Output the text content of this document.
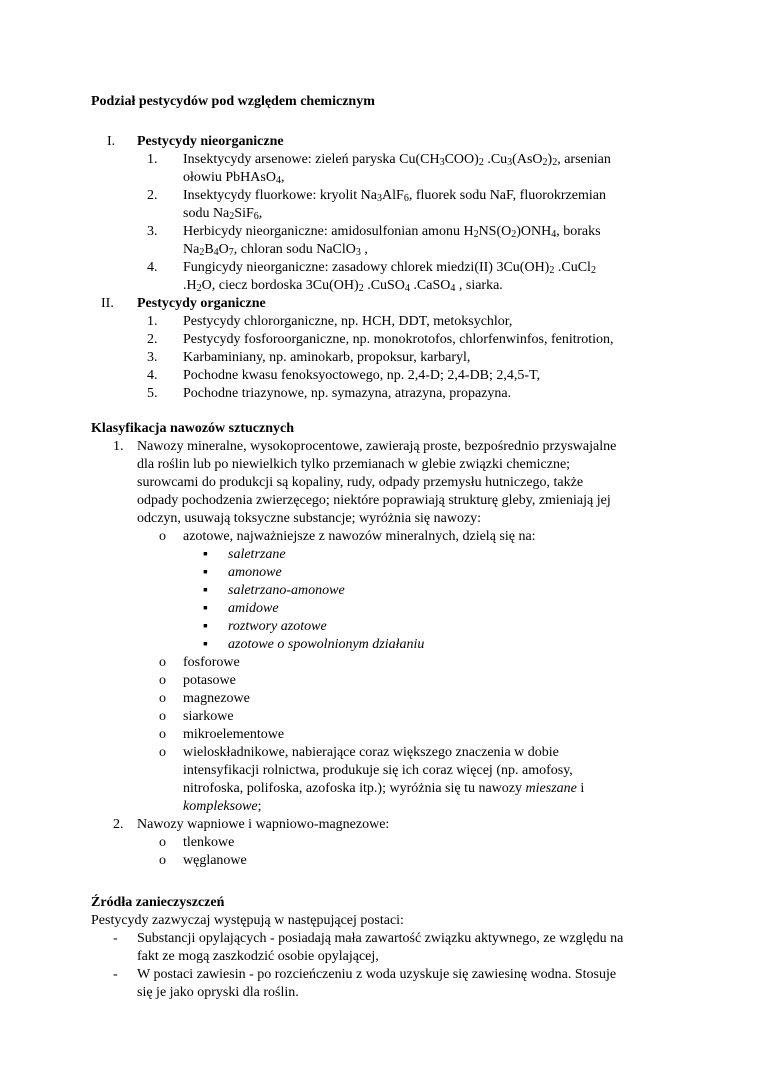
Podział pestycydów pod względem chemicznym

I. Pestycydy nieorganiczne
1. Insektycydy arsenowe: zieleń paryska $Cu(CH_3COO)_2$ $.Cu_3(AsO_2)_2$, arsenian

ołowiu PbHAsO$_4$,

2. Insektycydy fluorkowe: kryolit $Na_3AlF_6$, fluorek sodu NaF, fluorokrzemian

sodu $Na_2SiF_6$,

3. Herbicydy nieorganiczne: amidosulfonian amonu $H_2NS(O_2)ONH_4$, boraks

$Na_2B_4O_7$, chloran sodu NaClO$_3$ ,

4. Fungicydy nieorganiczne: zasadowy chlorek miedzi(II) $3Cu(OH)_2$ .CuCl$_2$

$.H_2O$, ciecz bordoska $3Cu(OH)_2$ .CuSO$_4$ .CaSO$_4$ , siarka.

II. Pestycydy organiczne
1. Pestycydy chlororganiczne, np. HCH, DDT, metoksychlor,

2. Pestycydy fosforoorganiczne, np. monokrotofos, chlorfenwinfos, fenitrotion,

3. Karbaminiany, np. aminokarb, propoksur, karbaryl,

4. Pochodne kwasu fenoksyoctowego, np. 2,4-D; 2,4-DB; 2,4,5-T,

5. Pochodne triazynowe, np. symazyna, atrazyna, propazyna.

Klasyfikacja nawozów sztucznych

1. Nawozy mineralne, wysokoprocentowe, zawierają proste, bezpośrednio przyswajalne

dla roślin lub po niewielkich tylko przemianach w glebie związki chemiczne;

surowcami do produkcji są kopaliny, rudy, odpady przemysłu hutniczego, także

odpady pochodzenia zwierzęcego; niektóre poprawiają strukturę gleby, zmieniają jej

odczyn, usuwają toksyczne substancje; wyróżnia się nawozy:

o azotowe, najważniejsze z nawozów mineralnych, dzielą się na:

▪ saletrzane
▪ amonowe
▪ saletrzano-amonowe
▪ amidowe
▪ roztwory azotowe
▪ azotowe o spowolnionym działaniu
o fosforowe

o potasowe

o magnezowe

o siarkowe

o mikroelementowe

o wieloskładnikowe, nabierające coraz większego znaczenia w dobie

intensyfikacji rolnictwa, produkuje się ich coraz więcej (np. amofosy,

nitrofoska, polifoska, azofoska itp.); wyróżnia się tu nawozy mieszane i

kompleksowe;

2. Nawozy wapniowe i wapniowo-magnezowe:

o tlenkowe

o węglanowe

Źródła zanieczyszczeń

Pestycydy zazwyczaj występują w następującej postaci:

- Substancji opylających - posiadają mała zawartość związku aktywnego, ze względu na

fakt ze mogą zaszkodzić osobie opylającej,

- W postaci zawiesin - po rozcieńczeniu z woda uzyskuje się zawiesinę wodna. Stosuje

się je jako opryski dla roślin.
